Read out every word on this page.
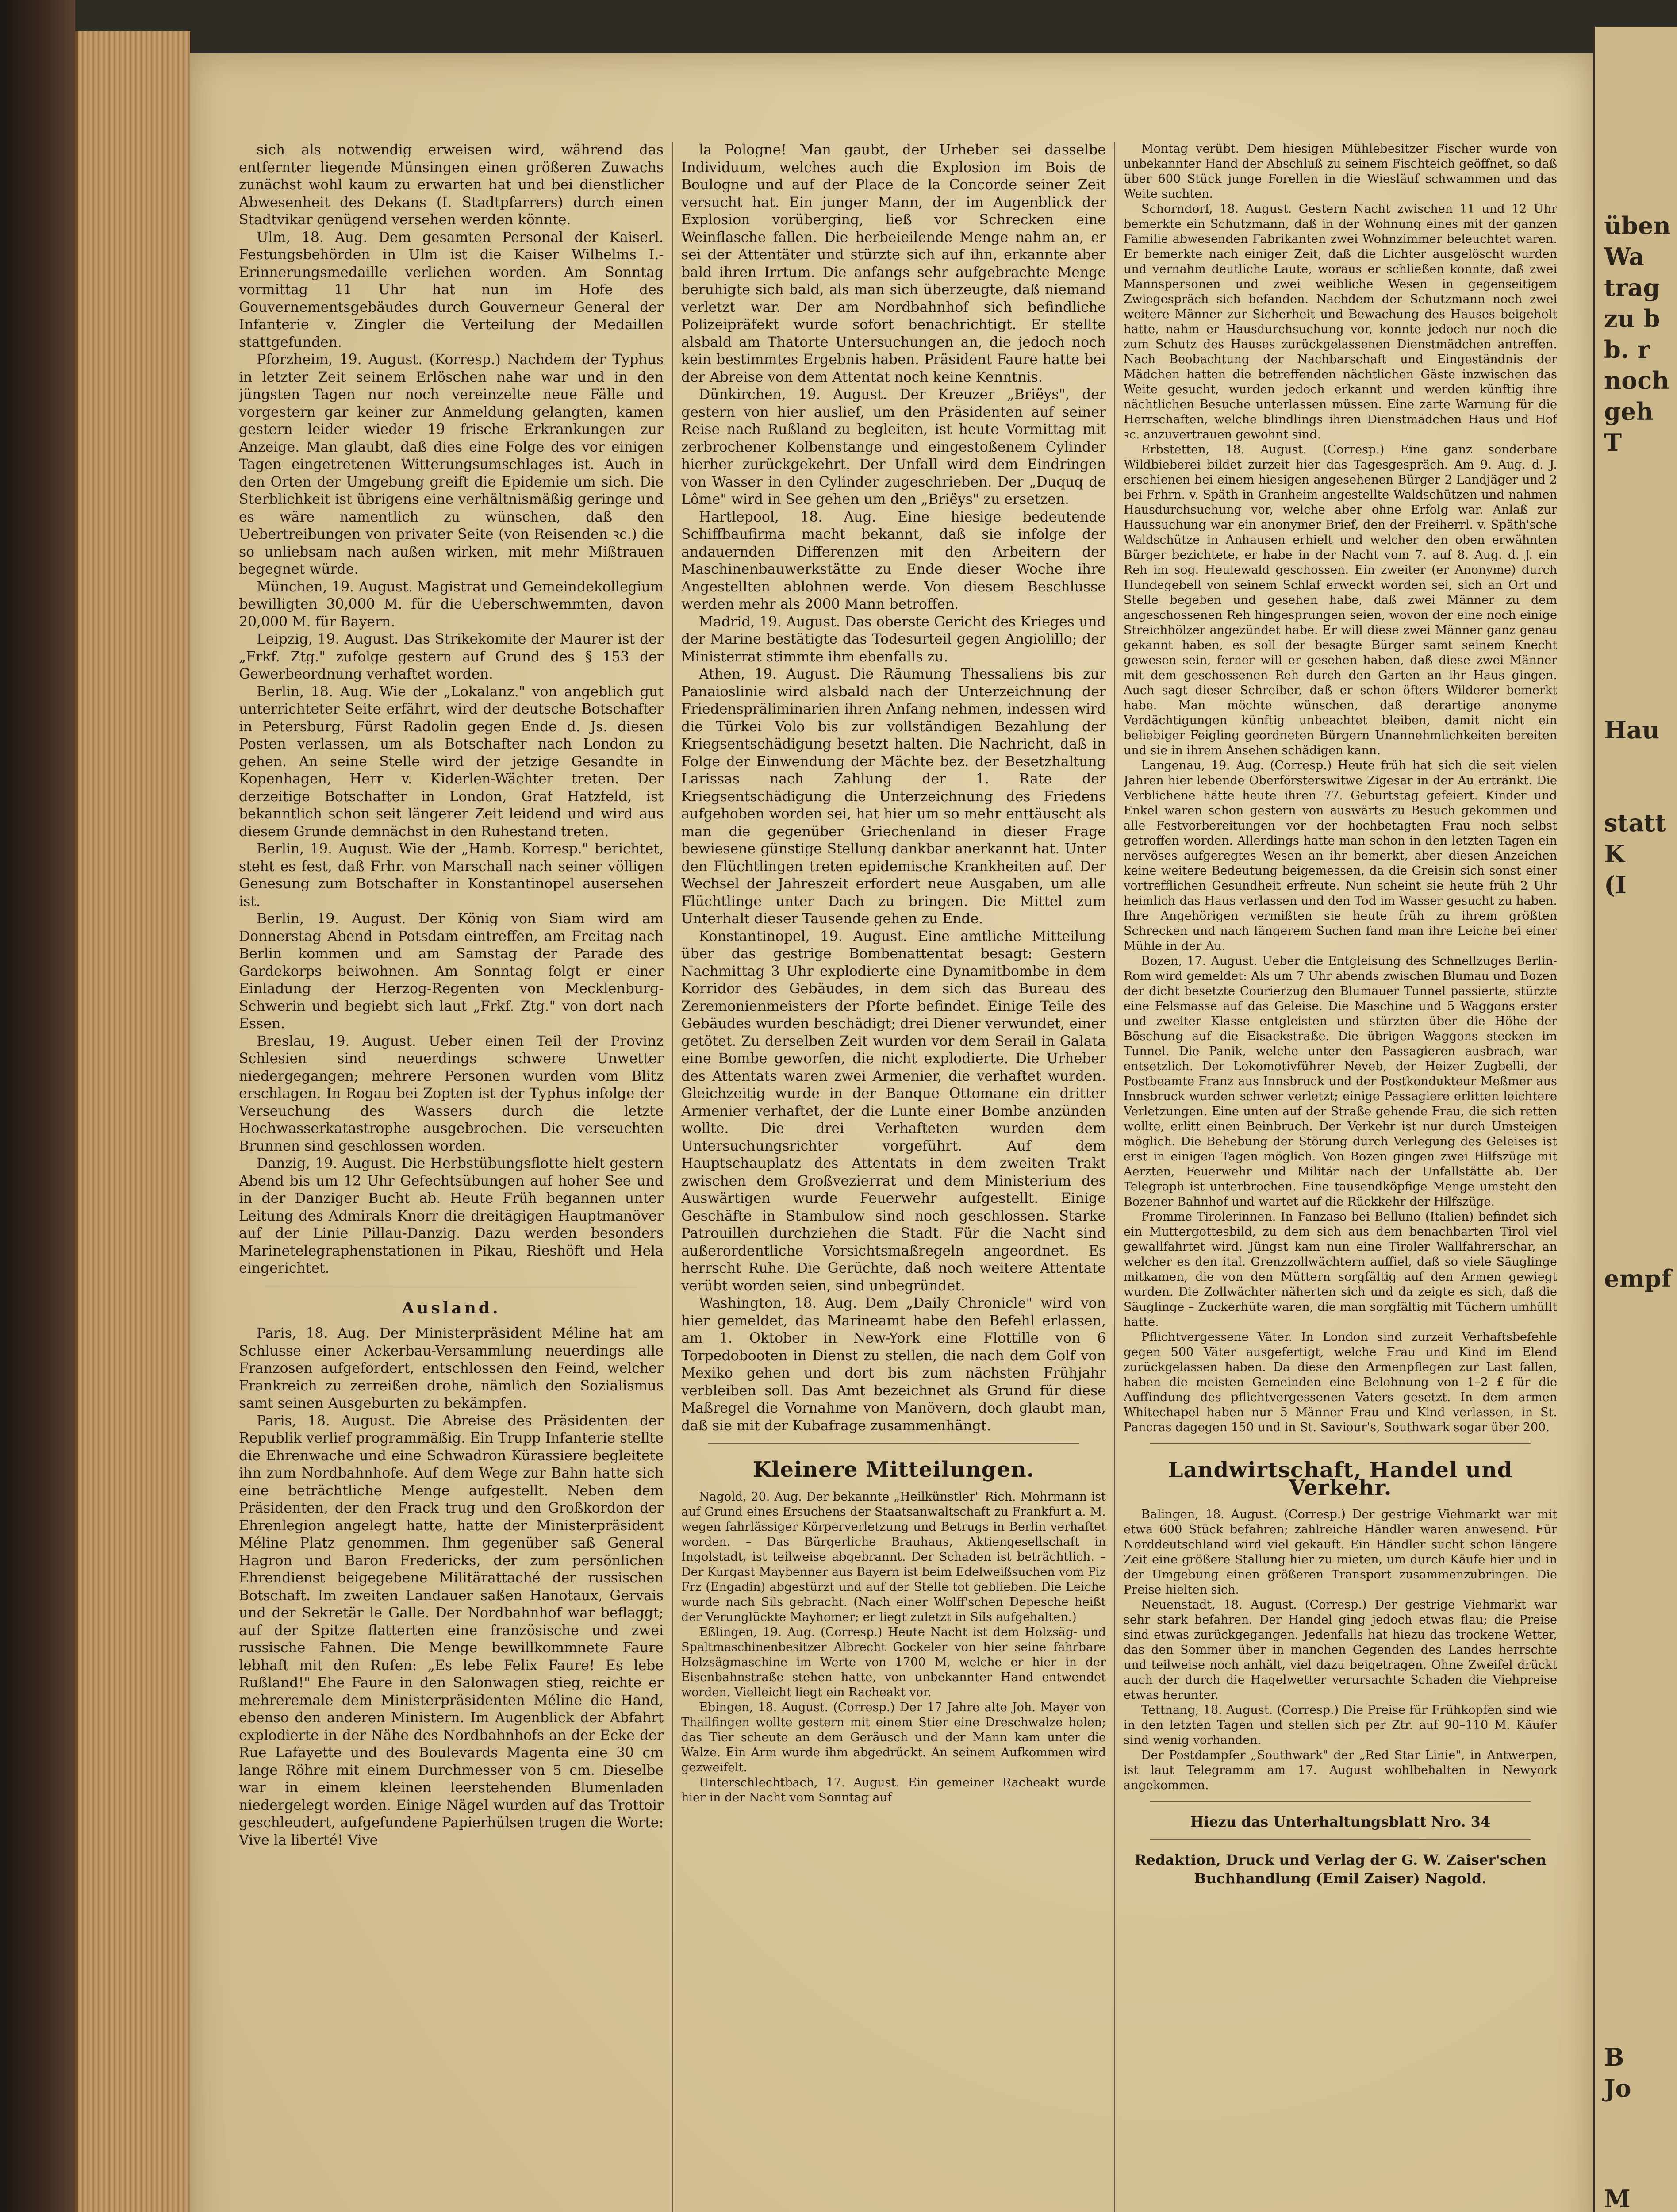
sich als notwendig erweisen wird, während das entfernter liegende Münsingen einen größeren Zuwachs zunächst wohl kaum zu erwarten hat und bei dienstlicher Abwesenheit des Dekans (I. Stadtpfarrers) durch einen Stadtvikar genügend versehen werden könnte.

Ulm, 18. Aug. Dem gesamten Personal der Kaiserl. Festungsbehörden in Ulm ist die Kaiser Wilhelms I.-Erinnerungsmedaille verliehen worden. Am Sonntag vormittag 11 Uhr hat nun im Hofe des Gouvernementsgebäudes durch Gouverneur General der Infanterie v. Zingler die Verteilung der Medaillen stattgefunden.

Pforzheim, 19. August. (Korresp.) Nachdem der Typhus in letzter Zeit seinem Erlöschen nahe war und in den jüngsten Tagen nur noch vereinzelte neue Fälle und vorgestern gar keiner zur Anmeldung gelangten, kamen gestern leider wieder 19 frische Erkrankungen zur Anzeige. Man glaubt, daß dies eine Folge des vor einigen Tagen eingetretenen Witterungsumschlages ist. Auch in den Orten der Umgebung greift die Epidemie um sich. Die Sterblichkeit ist übrigens eine verhältnismäßig geringe und es wäre namentlich zu wünschen, daß den Uebertreibungen von privater Seite (von Reisenden ꝛc.) die so unliebsam nach außen wirken, mit mehr Mißtrauen begegnet würde.

München, 19. August. Magistrat und Gemeindekollegium bewilligten 30,000 M. für die Ueberschwemmten, davon 20,000 M. für Bayern.

Leipzig, 19. August. Das Strikekomite der Maurer ist der „Frkf. Ztg." zufolge gestern auf Grund des § 153 der Gewerbeordnung verhaftet worden.

Berlin, 18. Aug. Wie der „Lokalanz." von angeblich gut unterrichteter Seite erfährt, wird der deutsche Botschafter in Petersburg, Fürst Radolin gegen Ende d. Js. diesen Posten verlassen, um als Botschafter nach London zu gehen. An seine Stelle wird der jetzige Gesandte in Kopenhagen, Herr v. Kiderlen-Wächter treten. Der derzeitige Botschafter in London, Graf Hatzfeld, ist bekanntlich schon seit längerer Zeit leidend und wird aus diesem Grunde demnächst in den Ruhestand treten.

Berlin, 19. August. Wie der „Hamb. Korresp." berichtet, steht es fest, daß Frhr. von Marschall nach seiner völligen Genesung zum Botschafter in Konstantinopel ausersehen ist.

Berlin, 19. August. Der König von Siam wird am Donnerstag Abend in Potsdam eintreffen, am Freitag nach Berlin kommen und am Samstag der Parade des Gardekorps beiwohnen. Am Sonntag folgt er einer Einladung der Herzog-Regenten von Mecklenburg-Schwerin und begiebt sich laut „Frkf. Ztg." von dort nach Essen.

Breslau, 19. August. Ueber einen Teil der Provinz Schlesien sind neuerdings schwere Unwetter niedergegangen; mehrere Personen wurden vom Blitz erschlagen. In Rogau bei Zopten ist der Typhus infolge der Verseuchung des Wassers durch die letzte Hochwasserkatastrophe ausgebrochen. Die verseuchten Brunnen sind geschlossen worden.

Danzig, 19. August. Die Herbstübungsflotte hielt gestern Abend bis um 12 Uhr Gefechtsübungen auf hoher See und in der Danziger Bucht ab. Heute Früh begannen unter Leitung des Admirals Knorr die dreitägigen Hauptmanöver auf der Linie Pillau-Danzig. Dazu werden besonders Marinetelegraphenstationen in Pikau, Rieshöft und Hela eingerichtet.

Ausland.

Paris, 18. Aug. Der Ministerpräsident Méline hat am Schlusse einer Ackerbau-Versammlung neuerdings alle Franzosen aufgefordert, entschlossen den Feind, welcher Frankreich zu zerreißen drohe, nämlich den Sozialismus samt seinen Ausgeburten zu bekämpfen.

Paris, 18. August. Die Abreise des Präsidenten der Republik verlief programmäßig. Ein Trupp Infanterie stellte die Ehrenwache und eine Schwadron Kürassiere begleitete ihn zum Nordbahnhofe. Auf dem Wege zur Bahn hatte sich eine beträchtliche Menge aufgestellt. Neben dem Präsidenten, der den Frack trug und den Großkordon der Ehrenlegion angelegt hatte, hatte der Ministerpräsident Méline Platz genommen. Ihm gegenüber saß General Hagron und Baron Fredericks, der zum persönlichen Ehrendienst beigegebene Militärattaché der russischen Botschaft. Im zweiten Landauer saßen Hanotaux, Gervais und der Sekretär le Galle. Der Nordbahnhof war beflaggt; auf der Spitze flatterten eine französische und zwei russische Fahnen. Die Menge bewillkommnete Faure lebhaft mit den Rufen: „Es lebe Felix Faure! Es lebe Rußland!" Ehe Faure in den Salonwagen stieg, reichte er mehreremale dem Ministerpräsidenten Méline die Hand, ebenso den anderen Ministern. Im Augenblick der Abfahrt explodierte in der Nähe des Nordbahnhofs an der Ecke der Rue Lafayette und des Boulevards Magenta eine 30 cm lange Röhre mit einem Durchmesser von 5 cm. Dieselbe war in einem kleinen leerstehenden Blumenladen niedergelegt worden. Einige Nägel wurden auf das Trottoir geschleudert, aufgefundene Papierhülsen trugen die Worte: Vive la liberté! Vive

la Pologne! Man gaubt, der Urheber sei dasselbe Individuum, welches auch die Explosion im Bois de Boulogne und auf der Place de la Concorde seiner Zeit versucht hat. Ein junger Mann, der im Augenblick der Explosion vorüberging, ließ vor Schrecken eine Weinflasche fallen. Die herbeieilende Menge nahm an, er sei der Attentäter und stürzte sich auf ihn, erkannte aber bald ihren Irrtum. Die anfangs sehr aufgebrachte Menge beruhigte sich bald, als man sich überzeugte, daß niemand verletzt war. Der am Nordbahnhof sich befindliche Polizeipräfekt wurde sofort benachrichtigt. Er stellte alsbald am Thatorte Untersuchungen an, die jedoch noch kein bestimmtes Ergebnis haben. Präsident Faure hatte bei der Abreise von dem Attentat noch keine Kenntnis.

Dünkirchen, 19. August. Der Kreuzer „Briëys", der gestern von hier auslief, um den Präsidenten auf seiner Reise nach Rußland zu begleiten, ist heute Vormittag mit zerbrochener Kolbenstange und eingestoßenem Cylinder hierher zurückgekehrt. Der Unfall wird dem Eindringen von Wasser in den Cylinder zugeschrieben. Der „Duquq de Lôme" wird in See gehen um den „Briëys" zu ersetzen.

Hartlepool, 18. Aug. Eine hiesige bedeutende Schiffbaufirma macht bekannt, daß sie infolge der andauernden Differenzen mit den Arbeitern der Maschinenbauwerkstätte zu Ende dieser Woche ihre Angestellten ablohnen werde. Von diesem Beschlusse werden mehr als 2000 Mann betroffen.

Madrid, 19. August. Das oberste Gericht des Krieges und der Marine bestätigte das Todesurteil gegen Angiolillo; der Ministerrat stimmte ihm ebenfalls zu.

Athen, 19. August. Die Räumung Thessaliens bis zur Panaioslinie wird alsbald nach der Unterzeichnung der Friedenspräliminarien ihren Anfang nehmen, indessen wird die Türkei Volo bis zur vollständigen Bezahlung der Kriegsentschädigung besetzt halten. Die Nachricht, daß in Folge der Einwendung der Mächte bez. der Besetzhaltung Larissas nach Zahlung der 1. Rate der Kriegsentschädigung die Unterzeichnung des Friedens aufgehoben worden sei, hat hier um so mehr enttäuscht als man die gegenüber Griechenland in dieser Frage bewiesene günstige Stellung dankbar anerkannt hat. Unter den Flüchtlingen treten epidemische Krankheiten auf. Der Wechsel der Jahreszeit erfordert neue Ausgaben, um alle Flüchtlinge unter Dach zu bringen. Die Mittel zum Unterhalt dieser Tausende gehen zu Ende.

Konstantinopel, 19. August. Eine amtliche Mitteilung über das gestrige Bombenattentat besagt: Gestern Nachmittag 3 Uhr explodierte eine Dynamitbombe in dem Korridor des Gebäudes, in dem sich das Bureau des Zeremonienmeisters der Pforte befindet. Einige Teile des Gebäudes wurden beschädigt; drei Diener verwundet, einer getötet. Zu derselben Zeit wurden vor dem Serail in Galata eine Bombe geworfen, die nicht explodierte. Die Urheber des Attentats waren zwei Armenier, die verhaftet wurden. Gleichzeitig wurde in der Banque Ottomane ein dritter Armenier verhaftet, der die Lunte einer Bombe anzünden wollte. Die drei Verhafteten wurden dem Untersuchungsrichter vorgeführt. Auf dem Hauptschauplatz des Attentats in dem zweiten Trakt zwischen dem Großvezierrat und dem Ministerium des Auswärtigen wurde Feuerwehr aufgestellt. Einige Geschäfte in Stambulow sind noch geschlossen. Starke Patrouillen durchziehen die Stadt. Für die Nacht sind außerordentliche Vorsichtsmaßregeln angeordnet. Es herrscht Ruhe. Die Gerüchte, daß noch weitere Attentate verübt worden seien, sind unbegründet.

Washington, 18. Aug. Dem „Daily Chronicle" wird von hier gemeldet, das Marineamt habe den Befehl erlassen, am 1. Oktober in New-York eine Flottille von 6 Torpedobooten in Dienst zu stellen, die nach dem Golf von Mexiko gehen und dort bis zum nächsten Frühjahr verbleiben soll. Das Amt bezeichnet als Grund für diese Maßregel die Vornahme von Manövern, doch glaubt man, daß sie mit der Kubafrage zusammenhängt.

Kleinere Mitteilungen.

Nagold, 20. Aug. Der bekannte „Heilkünstler" Rich. Mohrmann ist auf Grund eines Ersuchens der Staatsanwaltschaft zu Frankfurt a. M. wegen fahrlässiger Körperverletzung und Betrugs in Berlin verhaftet worden. – Das Bürgerliche Brauhaus, Aktiengesellschaft in Ingolstadt, ist teilweise abgebrannt. Der Schaden ist beträchtlich. – Der Kurgast Maybenner aus Bayern ist beim Edelweißsuchen vom Piz Frz (Engadin) abgestürzt und auf der Stelle tot geblieben. Die Leiche wurde nach Sils gebracht. (Nach einer Wolff'schen Depesche heißt der Verunglückte Mayhomer; er liegt zuletzt in Sils aufgehalten.)

Eßlingen, 19. Aug. (Corresp.) Heute Nacht ist dem Holzsäg- und Spaltmaschinenbesitzer Albrecht Gockeler von hier seine fahrbare Holzsägmaschine im Werte von 1700 M, welche er hier in der Eisenbahnstraße stehen hatte, von unbekannter Hand entwendet worden. Vielleicht liegt ein Racheakt vor.

Ebingen, 18. August. (Corresp.) Der 17 Jahre alte Joh. Mayer von Thailfingen wollte gestern mit einem Stier eine Dreschwalze holen; das Tier scheute an dem Geräusch und der Mann kam unter die Walze. Ein Arm wurde ihm abgedrückt. An seinem Aufkommen wird gezweifelt.

Unterschlechtbach, 17. August. Ein gemeiner Racheakt wurde hier in der Nacht vom Sonntag auf

Montag verübt. Dem hiesigen Mühlebesitzer Fischer wurde von unbekannter Hand der Abschluß zu seinem Fischteich geöffnet, so daß über 600 Stück junge Forellen in die Wiesläuf schwammen und das Weite suchten.

Schorndorf, 18. August. Gestern Nacht zwischen 11 und 12 Uhr bemerkte ein Schutzmann, daß in der Wohnung eines mit der ganzen Familie abwesenden Fabrikanten zwei Wohnzimmer beleuchtet waren. Er bemerkte nach einiger Zeit, daß die Lichter ausgelöscht wurden und vernahm deutliche Laute, woraus er schließen konnte, daß zwei Mannspersonen und zwei weibliche Wesen in gegenseitigem Zwiegespräch sich befanden. Nachdem der Schutzmann noch zwei weitere Männer zur Sicherheit und Bewachung des Hauses beigeholt hatte, nahm er Hausdurchsuchung vor, konnte jedoch nur noch die zum Schutz des Hauses zurückgelassenen Dienstmädchen antreffen. Nach Beobachtung der Nachbarschaft und Eingeständnis der Mädchen hatten die betreffenden nächtlichen Gäste inzwischen das Weite gesucht, wurden jedoch erkannt und werden künftig ihre nächtlichen Besuche unterlassen müssen. Eine zarte Warnung für die Herrschaften, welche blindlings ihren Dienstmädchen Haus und Hof ꝛc. anzuvertrauen gewohnt sind.

Erbstetten, 18. August. (Corresp.) Eine ganz sonderbare Wildbieberei bildet zurzeit hier das Tagesgespräch. Am 9. Aug. d. J. erschienen bei einem hiesigen angesehenen Bürger 2 Landjäger und 2 bei Frhrn. v. Späth in Granheim angestellte Waldschützen und nahmen Hausdurchsuchung vor, welche aber ohne Erfolg war. Anlaß zur Haussuchung war ein anonymer Brief, den der Freiherrl. v. Späth'sche Waldschütze in Anhausen erhielt und welcher den oben erwähnten Bürger bezichtete, er habe in der Nacht vom 7. auf 8. Aug. d. J. ein Reh im sog. Heulewald geschossen. Ein zweiter (er Anonyme) durch Hundegebell von seinem Schlaf erweckt worden sei, sich an Ort und Stelle begeben und gesehen habe, daß zwei Männer zu dem angeschossenen Reh hingesprungen seien, wovon der eine noch einige Streichhölzer angezündet habe. Er will diese zwei Männer ganz genau gekannt haben, es soll der besagte Bürger samt seinem Knecht gewesen sein, ferner will er gesehen haben, daß diese zwei Männer mit dem geschossenen Reh durch den Garten an ihr Haus gingen. Auch sagt dieser Schreiber, daß er schon öfters Wilderer bemerkt habe. Man möchte wünschen, daß derartige anonyme Verdächtigungen künftig unbeachtet bleiben, damit nicht ein beliebiger Feigling geordneten Bürgern Unannehmlichkeiten bereiten und sie in ihrem Ansehen schädigen kann.

Langenau, 19. Aug. (Corresp.) Heute früh hat sich die seit vielen Jahren hier lebende Oberförsterswitwe Zigesar in der Au ertränkt. Die Verblichene hätte heute ihren 77. Geburtstag gefeiert. Kinder und Enkel waren schon gestern von auswärts zu Besuch gekommen und alle Festvorbereitungen vor der hochbetagten Frau noch selbst getroffen worden. Allerdings hatte man schon in den letzten Tagen ein nervöses aufgeregtes Wesen an ihr bemerkt, aber diesen Anzeichen keine weitere Bedeutung beigemessen, da die Greisin sich sonst einer vortrefflichen Gesundheit erfreute. Nun scheint sie heute früh 2 Uhr heimlich das Haus verlassen und den Tod im Wasser gesucht zu haben. Ihre Angehörigen vermißten sie heute früh zu ihrem größten Schrecken und nach längerem Suchen fand man ihre Leiche bei einer Mühle in der Au.

Bozen, 17. August. Ueber die Entgleisung des Schnellzuges Berlin-Rom wird gemeldet: Als um 7 Uhr abends zwischen Blumau und Bozen der dicht besetzte Courierzug den Blumauer Tunnel passierte, stürzte eine Felsmasse auf das Geleise. Die Maschine und 5 Waggons erster und zweiter Klasse entgleisten und stürzten über die Höhe der Böschung auf die Eisackstraße. Die übrigen Waggons stecken im Tunnel. Die Panik, welche unter den Passagieren ausbrach, war entsetzlich. Der Lokomotivführer Neveb, der Heizer Zugbelli, der Postbeamte Franz aus Innsbruck und der Postkondukteur Meßmer aus Innsbruck wurden schwer verletzt; einige Passagiere erlitten leichtere Verletzungen. Eine unten auf der Straße gehende Frau, die sich retten wollte, erlitt einen Beinbruch. Der Verkehr ist nur durch Umsteigen möglich. Die Behebung der Störung durch Verlegung des Geleises ist erst in einigen Tagen möglich. Von Bozen gingen zwei Hilfszüge mit Aerzten, Feuerwehr und Militär nach der Unfallstätte ab. Der Telegraph ist unterbrochen. Eine tausendköpfige Menge umsteht den Bozener Bahnhof und wartet auf die Rückkehr der Hilfszüge.

Fromme Tirolerinnen. In Fanzaso bei Belluno (Italien) befindet sich ein Muttergottesbild, zu dem sich aus dem benachbarten Tirol viel gewallfahrtet wird. Jüngst kam nun eine Tiroler Wallfahrerschar, an welcher es den ital. Grenzzollwächtern auffiel, daß so viele Säuglinge mitkamen, die von den Müttern sorgfältig auf den Armen gewiegt wurden. Die Zollwächter näherten sich und da zeigte es sich, daß die Säuglinge – Zuckerhüte waren, die man sorgfältig mit Tüchern umhüllt hatte.

Pflichtvergessene Väter. In London sind zurzeit Verhaftsbefehle gegen 500 Väter ausgefertigt, welche Frau und Kind im Elend zurückgelassen haben. Da diese den Armenpflegen zur Last fallen, haben die meisten Gemeinden eine Belohnung von 1–2 £ für die Auffindung des pflichtvergessenen Vaters gesetzt. In dem armen Whitechapel haben nur 5 Männer Frau und Kind verlassen, in St. Pancras dagegen 150 und in St. Saviour's, Southwark sogar über 200.

Landwirtschaft, Handel und Verkehr.

Balingen, 18. August. (Corresp.) Der gestrige Viehmarkt war mit etwa 600 Stück befahren; zahlreiche Händler waren anwesend. Für Norddeutschland wird viel gekauft. Ein Händler sucht schon längere Zeit eine größere Stallung hier zu mieten, um durch Käufe hier und in der Umgebung einen größeren Transport zusammenzubringen. Die Preise hielten sich.

Neuenstadt, 18. August. (Corresp.) Der gestrige Viehmarkt war sehr stark befahren. Der Handel ging jedoch etwas flau; die Preise sind etwas zurückgegangen. Jedenfalls hat hiezu das trockene Wetter, das den Sommer über in manchen Gegenden des Landes herrschte und teilweise noch anhält, viel dazu beigetragen. Ohne Zweifel drückt auch der durch die Hagelwetter verursachte Schaden die Viehpreise etwas herunter.

Tettnang, 18. August. (Corresp.) Die Preise für Frühkopfen sind wie in den letzten Tagen und stellen sich per Ztr. auf 90–110 M. Käufer sind wenig vorhanden.

Der Postdampfer „Southwark" der „Red Star Linie", in Antwerpen, ist laut Telegramm am 17. August wohlbehalten in Newyork angekommen.

Hiezu das Unterhaltungsblatt Nro. 34
Redaktion, Druck und Verlag der G. W. Zaiser'schen Buchhandlung (Emil Zaiser) Nagold.
üben
Wa
trag
zu b
b. r
noch
geh
T
Hau
statt
K
(I
empf
B
Jo
M
